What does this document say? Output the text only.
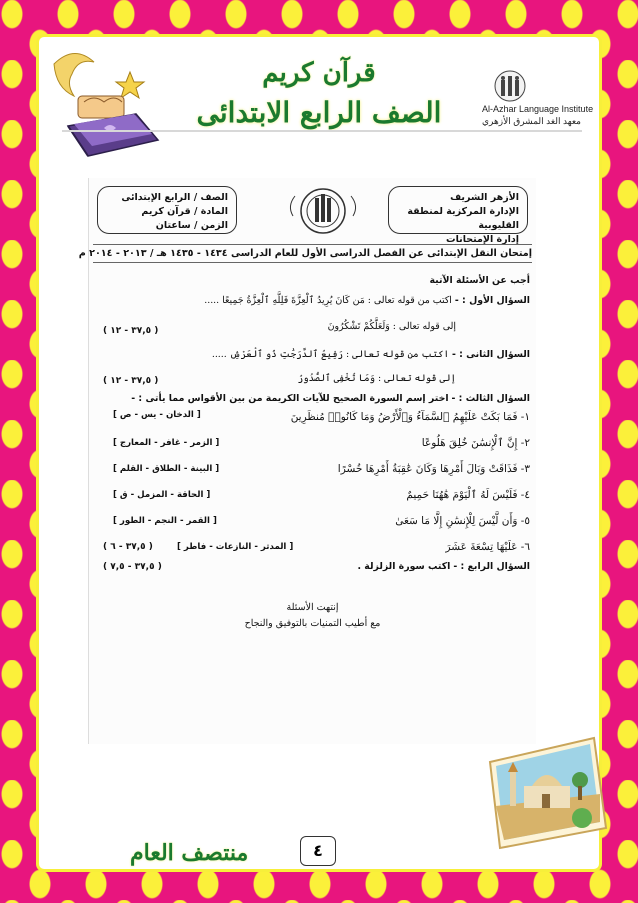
قرآن كريم
الصف الرابع الابتدائى	Al-Azhar Language Institute
معهد الغد المشرق الأزهري
الأزهر الشريف
الإدارة المركزية لمنطقة القليوبية
إدارة الإمتحانات
الصف / الرابع الإبتدائى
المادة / قرآن كريم
الزمن / ساعتان
إمتحان النقل الإبتدائى عن الفصل الدراسى الأول للعام الدراسى ١٤٣٤ - ١٤٣٥ هـ / ٢٠١٣ - ٢٠١٤ م
أجب عن الأسئلة الآتية
السؤال الأول : - اكتب من قوله تعالى : مَن كَانَ يُرِيدُ ٱلْعِزَّةَ فَلِلَّهِ ٱلْعِزَّةُ جَمِيعًا .....
إلى قوله تعالى : وَلَعَلَّكُمْ تَشْكُرُونَ
( ٣٧,٥ - ١٢ )
السؤال الثانى : - اكتب من قوله تعالى : رَفِيعُ ٱلدَّرَجَٰتِ ذُو ٱلْعَرْشِ .....
إلى قوله تعالى : وَمَا تُخْفِى ٱلصُّدُورُ
( ٣٧,٥ - ١٢ )
السؤال الثالث : - اختر إسم السورة الصحيح للآيات الكريمة من بين الأقواس مما يأتى : -
١- فَمَا بَكَتْ عَلَيْهِمُ ٱلسَّمَآءُ وَٱلْأَرْضُ وَمَا كَانُوا۟ مُنظَرِينَ
[ الدخان - يس - ص ]
٢- إِنَّ ٱلْإِنسَٰنَ خُلِقَ هَلُوعًا
[ الزمر - غافر - المعارج ]
٣- فَذَاقَتْ وَبَالَ أَمْرِهَا وَكَانَ عَٰقِبَةُ أَمْرِهَا خُسْرًا
[ البينة - الطلاق - القلم ]
٤- فَلَيْسَ لَهُ ٱلْيَوْمَ هَٰهُنَا حَمِيمٌ
[ الحاقة - المزمل - ق ]
٥- وَأَن لَّيْسَ لِلْإِنسَٰنِ إِلَّا مَا سَعَىٰ
[ القمر - النجم - الطور ]
٦- عَلَيْهَا تِسْعَةَ عَشَرَ
[ المدثر - النازعات - فاطر ]
( ٣٧,٥ - ٦ )
السؤال الرابع : - اكتب سورة الزلزلة .
( ٣٧,٥ - ٧,٥ )
إنتهت الأسئلة
مع أطيب التمنيات بالتوفيق والنجاح
٤
منتصف العام
